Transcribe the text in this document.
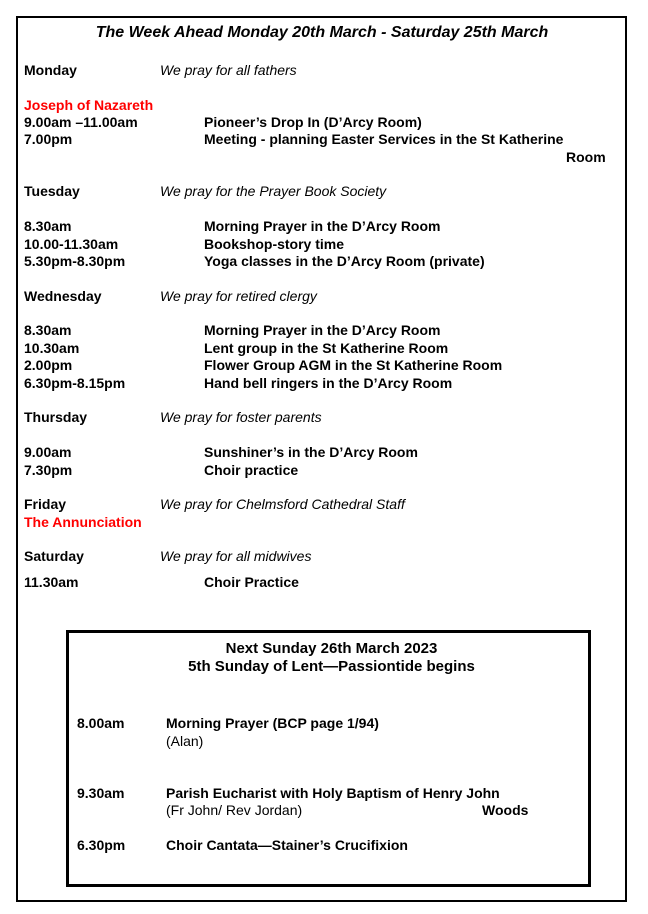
The Week Ahead Monday 20th March - Saturday 25th March
Monday	We pray for all fathers
Joseph of Nazareth
9.00am –11.00am	Pioneer’s Drop In (D’Arcy Room)
7.00pm	Meeting - planning Easter Services in the St Katherine
Room
Tuesday	We pray for the Prayer Book Society
8.30am	Morning Prayer in the D’Arcy Room
10.00-11.30am	Bookshop-story time
5.30pm-8.30pm	Yoga classes in the D’Arcy Room (private)
Wednesday	We pray for retired clergy
8.30am	Morning Prayer in the D’Arcy Room
10.30am	Lent group in the St Katherine Room
2.00pm	Flower Group AGM in the St Katherine Room
6.30pm-8.15pm	Hand bell ringers in the D’Arcy Room
Thursday	We pray for foster parents
9.00am	Sunshiner’s in the D’Arcy Room
7.30pm	Choir practice
Friday	We pray for Chelmsford Cathedral Staff
The Annunciation
Saturday	We pray for all midwives
11.30am	Choir Practice
Next Sunday 26th March 2023
5th Sunday of Lent—Passiontide begins
8.00am	Morning Prayer (BCP page 1/94)
(Alan)
9.30am	Parish Eucharist with Holy Baptism of Henry John
(Fr John/ Rev Jordan)	Woods
6.30pm	Choir Cantata—Stainer’s Crucifixion
